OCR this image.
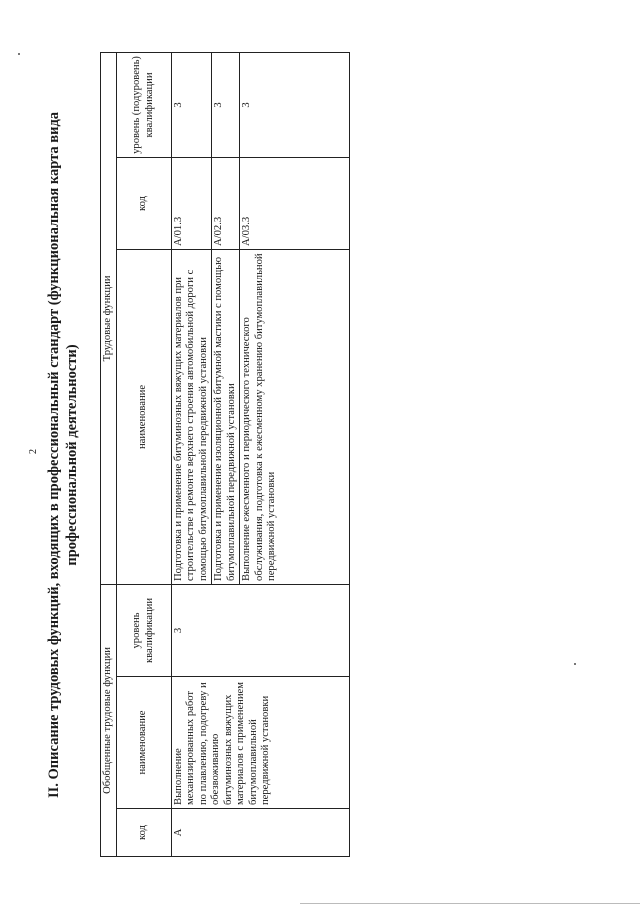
2 II. Описание трудовых функций, входящих в профессиональный стандарт (функциональная карта вида профессиональной деятельности)
Обобщенные трудовые функции			Трудовые функции		
код	наименование	уровень квалификации	наименование	код	уровень (подуровень) квалификации
А	Выполнение механизированных работ по плавлению, подогреву и обезвоживанию битуминозных вяжущих материалов с применением битумоплавильной передвижной установки	3	Подготовка и применение битуминозных вяжущих материалов при строительстве и ремонте верхнего строения автомобильной дороги с помощью битумоплавильной передвижной установки	А/01.3	3
			Подготовка и применение изоляционной битумной мастики с помощью битумоплавильной передвижной установки	А/02.3	3
			Выполнение ежесменного и периодического технического обслуживания, подготовка к ежесменному хранению битумоплавильной передвижной установки	А/03.3	3
